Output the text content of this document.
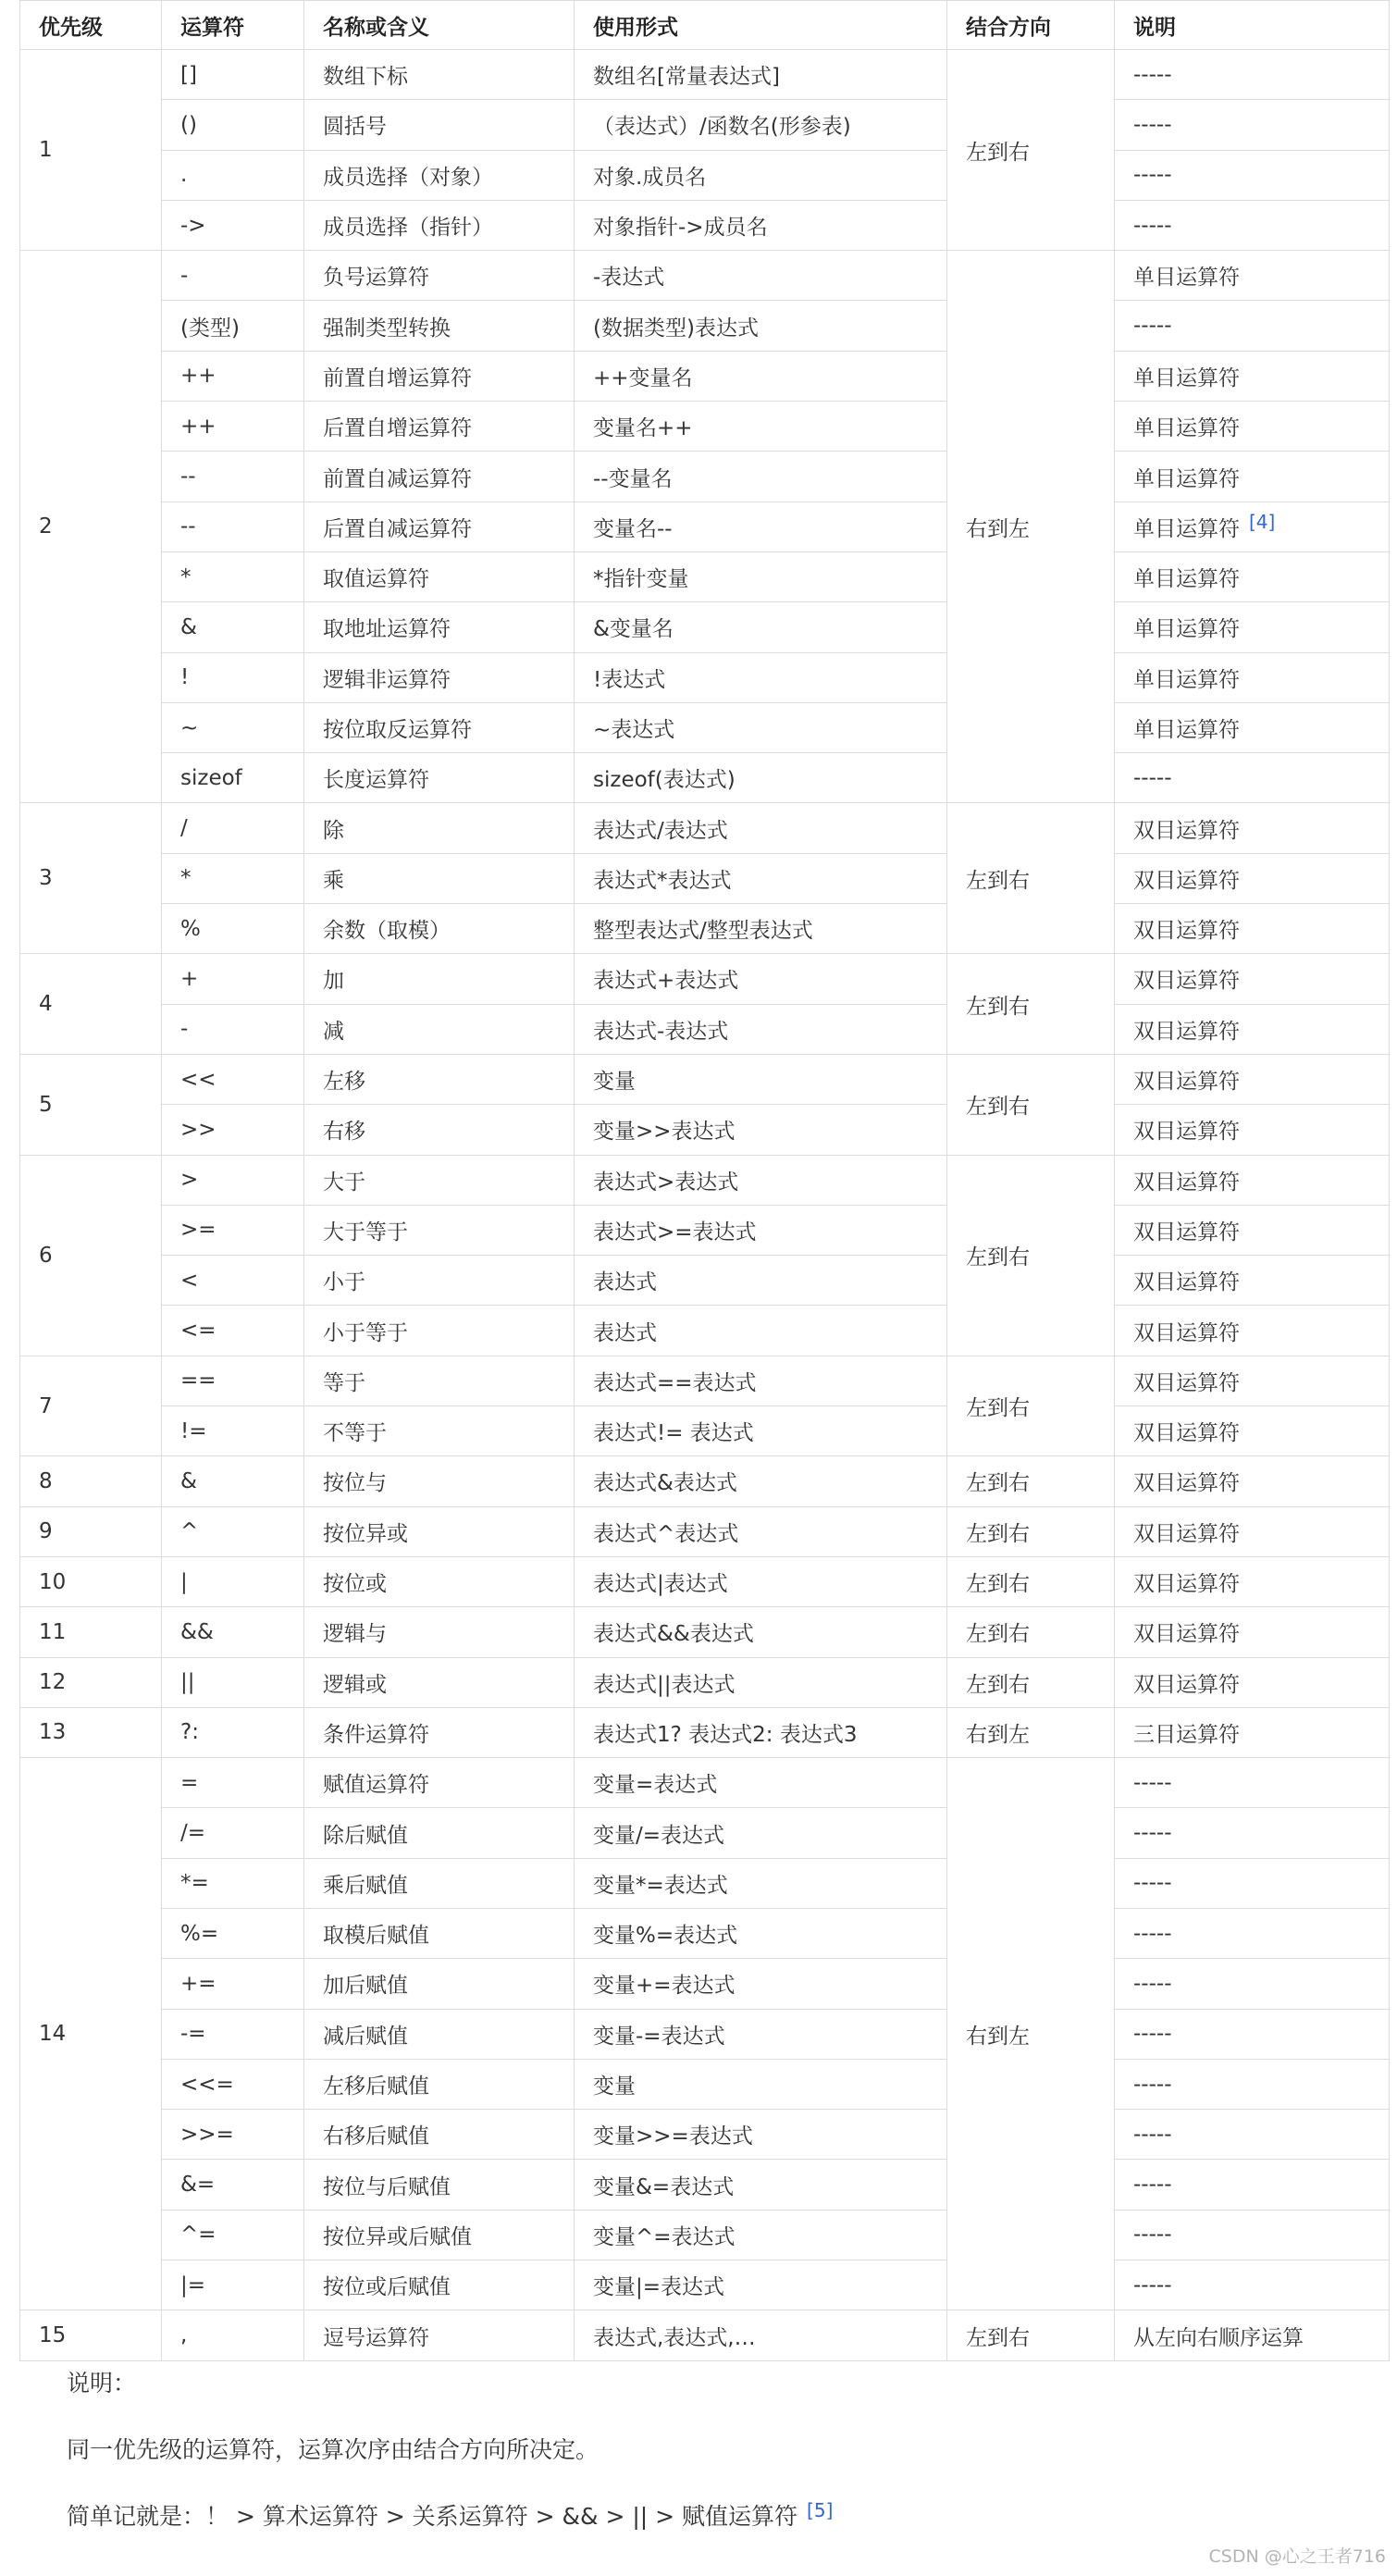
优先级	运算符	名称或含义	使用形式	结合方向	说明
1	[]	数组下标	数组名[常量表达式]	左到右	-----
	()	圆括号	（表达式）/函数名(形参表)		-----
	.	成员选择（对象）	对象.成员名		-----
	->	成员选择（指针）	对象指针->成员名		-----
2	-	负号运算符	-表达式	右到左	单目运算符
	(类型)	强制类型转换	(数据类型)表达式		-----
	++	前置自增运算符	++变量名		单目运算符
	++	后置自增运算符	变量名++		单目运算符
	--	前置自减运算符	--变量名		单目运算符
	--	后置自减运算符	变量名--		单目运算符 [4]
	*	取值运算符	*指针变量		单目运算符
	&	取地址运算符	&变量名		单目运算符
	!	逻辑非运算符	!表达式		单目运算符
	~	按位取反运算符	~表达式		单目运算符
	sizeof	长度运算符	sizeof(表达式)		-----
3	/	除	表达式/表达式	左到右	双目运算符
	*	乘	表达式*表达式		双目运算符
	%	余数（取模）	整型表达式/整型表达式		双目运算符
4	+	加	表达式+表达式	左到右	双目运算符
	-	减	表达式-表达式		双目运算符
5	<<	左移	变量	左到右	双目运算符
	>>	右移	变量>>表达式		双目运算符
6	>	大于	表达式>表达式	左到右	双目运算符
	>=	大于等于	表达式>=表达式		双目运算符
	<	小于	表达式		双目运算符
	<=	小于等于	表达式		双目运算符
7	==	等于	表达式==表达式	左到右	双目运算符
	!=	不等于	表达式!= 表达式		双目运算符
8	&	按位与	表达式&表达式	左到右	双目运算符
9	^	按位异或	表达式^表达式	左到右	双目运算符
10	|	按位或	表达式|表达式	左到右	双目运算符
11	&&	逻辑与	表达式&&表达式	左到右	双目运算符
12	||	逻辑或	表达式||表达式	左到右	双目运算符
13	?:	条件运算符	表达式1? 表达式2: 表达式3	右到左	三目运算符
14	=	赋值运算符	变量=表达式	右到左	-----
	/=	除后赋值	变量/=表达式		-----
	*=	乘后赋值	变量*=表达式		-----
	%=	取模后赋值	变量%=表达式		-----
	+=	加后赋值	变量+=表达式		-----
	-=	减后赋值	变量-=表达式		-----
	<<=	左移后赋值	变量		-----
	>>=	右移后赋值	变量>>=表达式		-----
	&=	按位与后赋值	变量&=表达式		-----
	^=	按位异或后赋值	变量^=表达式		-----
	|=	按位或后赋值	变量|=表达式		-----
15	,	逗号运算符	表达式,表达式,…	左到右	从左向右顺序运算
说明：
同一优先级的运算符，运算次序由结合方向所决定。
简单记就是：！ > 算术运算符 > 关系运算符 > && > || > 赋值运算符 [5]
CSDN @心之王者716
